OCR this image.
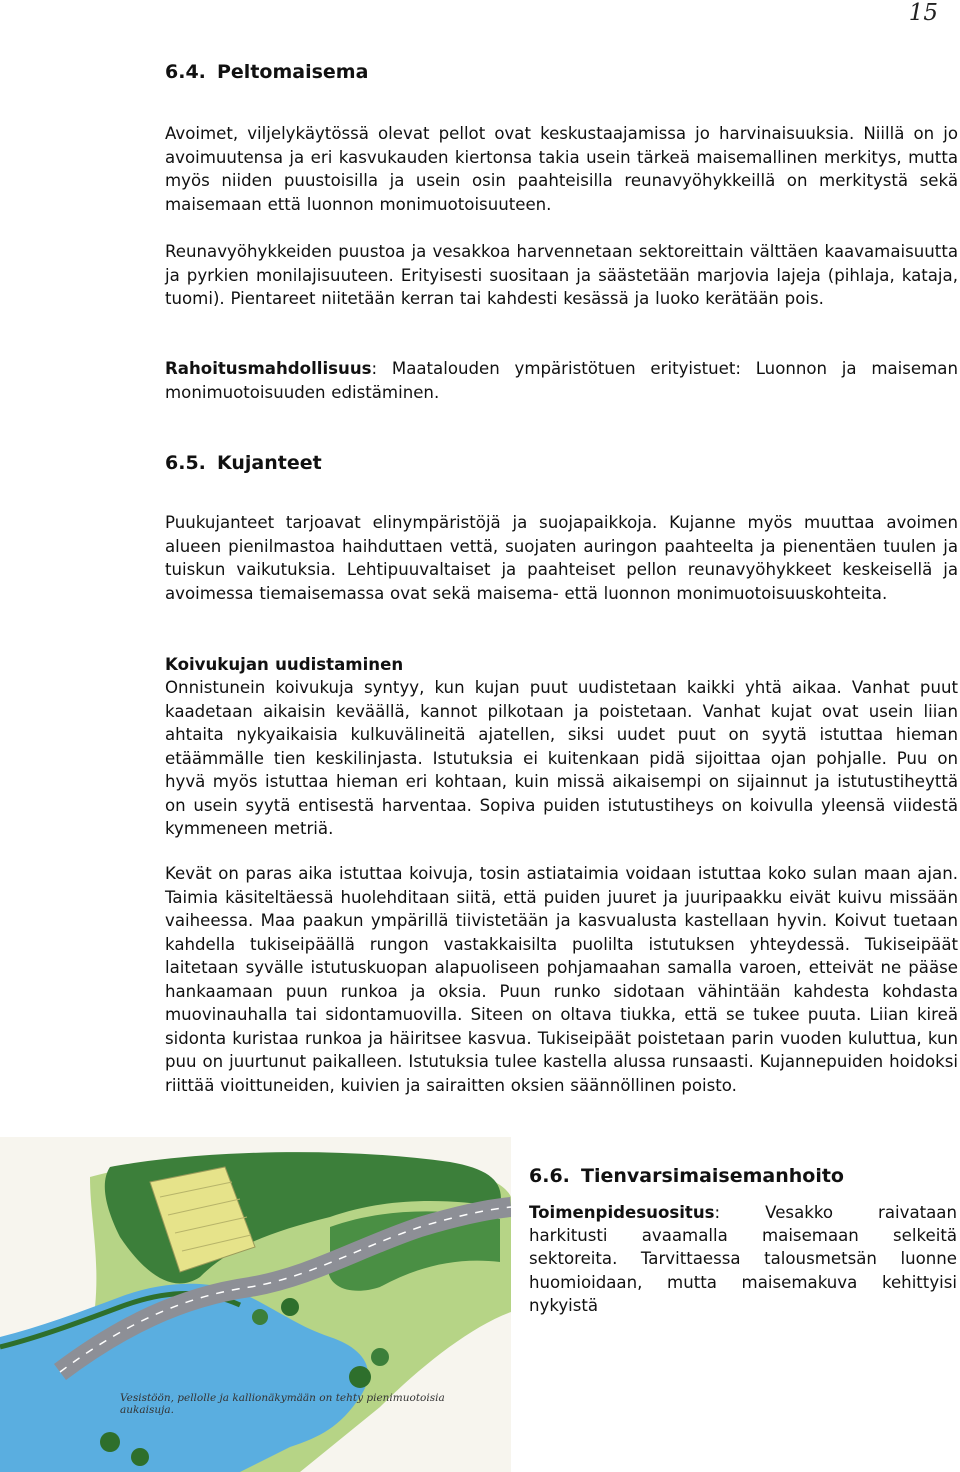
15
6.4. Peltomaisema
Avoimet, viljelykäytössä olevat pellot ovat keskustaajamissa jo harvinaisuuksia. Niillä on jo avoimuutensa ja eri kasvukauden kiertonsa takia usein tärkeä maisemallinen merkitys, mutta myös niiden puustoisilla ja usein osin paahteisilla reunavyöhykkeillä on merkitystä sekä maisemaan että luonnon monimuotoisuuteen.
Reunavyöhykkeiden puustoa ja vesakkoa harvennetaan sektoreittain välttäen kaavamaisuutta ja pyrkien monilajisuuteen. Erityisesti suositaan ja säästetään marjovia lajeja (pihlaja, kataja, tuomi). Pientareet niitetään kerran tai kahdesti kesässä ja luoko kerätään pois.
Rahoitusmahdollisuus: Maatalouden ympäristötuen erityistuet: Luonnon ja maiseman monimuotoisuuden edistäminen.
6.5. Kujanteet
Puukujanteet tarjoavat elinympäristöjä ja suojapaikkoja. Kujanne myös muuttaa avoimen alueen pienilmastoa haihduttaen vettä, suojaten auringon paahteelta ja pienentäen tuulen ja tuiskun vaikutuksia. Lehtipuuvaltaiset ja paahteiset pellon reunavyöhykkeet keskeisellä ja avoimessa tiemaisemassa ovat sekä maisema- että luonnon monimuotoisuuskohteita.
Koivukujan uudistaminen
Onnistunein koivukuja syntyy, kun kujan puut uudistetaan kaikki yhtä aikaa. Vanhat puut kaadetaan aikaisin keväällä, kannot pilkotaan ja poistetaan. Vanhat kujat ovat usein liian ahtaita nykyaikaisia kulkuvälineitä ajatellen, siksi uudet puut on syytä istuttaa hieman etäämmälle tien keskilinjasta. Istutuksia ei kuitenkaan pidä sijoittaa ojan pohjalle. Puu on hyvä myös istuttaa hieman eri kohtaan, kuin missä aikaisempi on sijainnut ja istutustiheyttä on usein syytä entisestä harventaa. Sopiva puiden istutustiheys on koivulla yleensä viidestä kymmeneen metriä.
Kevät on paras aika istuttaa koivuja, tosin astiataimia voidaan istuttaa koko sulan maan ajan. Taimia käsiteltäessä huolehditaan siitä, että puiden juuret ja juuripaakku eivät kuivu missään vaiheessa. Maa paakun ympärillä tiivistetään ja kasvualusta kastellaan hyvin. Koivut tuetaan kahdella tukiseipäällä rungon vastakkaisilta puolilta istutuksen yhteydessä. Tukiseipäät laitetaan syvälle istutuskuopan alapuoliseen pohjamaahan samalla varoen, etteivät ne pääse hankaamaan puun runkoa ja oksia. Puun runko sidotaan vähintään kahdesta kohdasta muovinauhalla tai sidontamuovilla. Siteen on oltava tiukka, että se tukee puuta. Liian kireä sidonta kuristaa runkoa ja häiritsee kasvua. Tukiseipäät poistetaan parin vuoden kuluttua, kun puu on juurtunut paikalleen. Istutuksia tulee kastella alussa runsaasti. Kujannepuiden hoidoksi riittää vioittuneiden, kuivien ja sairaitten oksien säännöllinen poisto.
Vesistöön, pellolle ja kallionäkymään on tehty pienimuotoisia aukaisuja.
6.6. Tienvarsimaisemanhoito
Toimenpidesuositus: Vesakko raivataan harkitusti avaamalla maisemaan selkeitä sektoreita. Tarvittaessa talousmetsän luonne huomioidaan, mutta maisemakuva kehittyisi nykyistä
